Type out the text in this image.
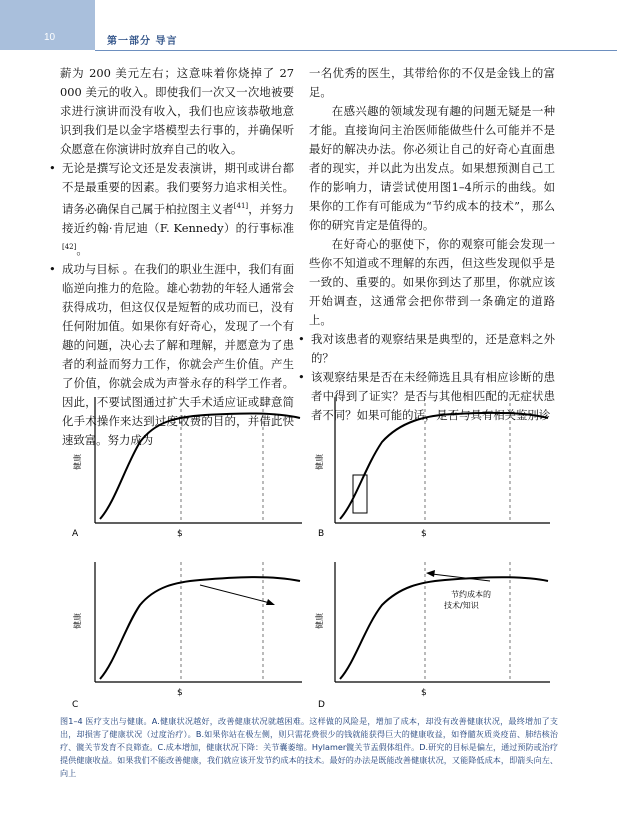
10	第一部分 导言

薪为 200 美元左右；这意味着你烧掉了 27 000 美元的收入。即使我们一次又一次地被要求进行演讲而没有收入，我们也应该恭敬地意识到我们是以金字塔模型去行事的，并确保听众愿意在你演讲时放弃自己的收入。

• 无论是撰写论文还是发表演讲，期刊或讲台都不是最重要的因素。我们要努力追求相关性。请务必确保自己属于柏拉图主义者[41]，并努力接近约翰·肯尼迪（F. Kennedy）的行事标准[42]。

• 成功与目标 。在我们的职业生涯中，我们有面临逆向推力的危险。雄心勃勃的年轻人通常会获得成功，但这仅仅是短暂的成功而已，没有任何附加值。如果你有好奇心，发现了一个有趣的问题，决心去了解和理解，并愿意为了患者的利益而努力工作，你就会产生价值。产生了价值，你就会成为声誉永存的科学工作者。因此，不要试图通过扩大手术适应证或肆意简化手术操作来达到过度收费的目的，并借此快速致富。努力成为

一名优秀的医生，其带给你的不仅是金钱上的富足。

在感兴趣的领域发现有趣的问题无疑是一种才能。直接询问主治医师能做些什么可能并不是最好的解决办法。你必须让自己的好奇心直面患者的现实，并以此为出发点。如果想预测自己工作的影响力，请尝试使用图1–4所示的曲线。如果你的工作有可能成为“节约成本的技术”，那么你的研究肯定是值得的。

在好奇心的驱使下，你的观察可能会发现一些你不知道或不理解的东西，但这些发现似乎是一致的、重要的。如果你到达了那里，你就应该开始调查，这通常会把你带到一条确定的道路上。

• 我对该患者的观察结果是典型的，还是意料之外的？

• 该观察结果是否在未经筛选且具有相应诊断的患者中得到了证实？是否与其他相匹配的无症状患者不同？如果可能的话，是否与具有相关鉴别诊

健康
$
A
健康
$
B
健康
$
C
节约成本的
技术/知识
健康
$
D
图1–4 医疗支出与健康。A.健康状况越好，改善健康状况就越困难。这样做的风险是，增加了成本，却没有改善健康状况，最终增加了支出，却损害了健康状况（过度治疗）。B.如果你站在极左侧，则只需花费很少的钱就能获得巨大的健康收益，如脊髓灰质炎疫苗、肺结核治疗、髋关节发育不良筛查。C.成本增加，健康状况下降：关节囊萎缩。Hylamer髋关节盂假体组件。D.研究的目标是偏左，通过预防或治疗提供健康收益。如果我们不能改善健康，我们就应该开发节约成本的技术。最好的办法是既能改善健康状况，又能降低成本，即箭头向左、向上
